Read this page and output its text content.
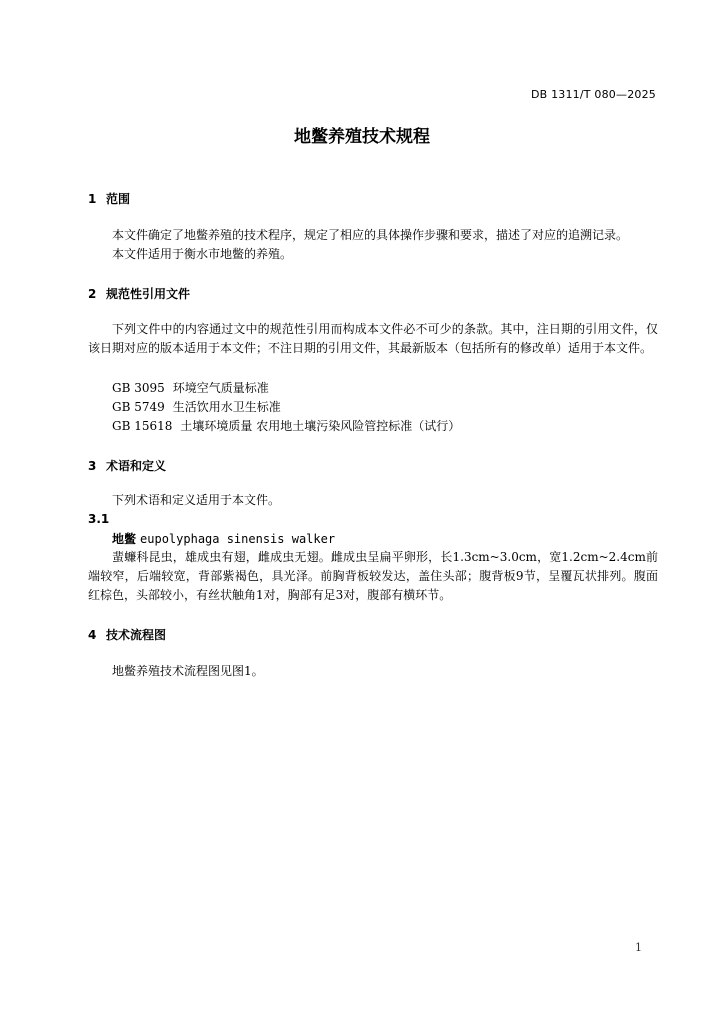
DB 1311/T 080—2025
地鳖养殖技术规程
1 范围
本文件确定了地鳖养殖的技术程序，规定了相应的具体操作步骤和要求，描述了对应的追溯记录。
本文件适用于衡水市地鳖的养殖。
2 规范性引用文件
下列文件中的内容通过文中的规范性引用而构成本文件必不可少的条款。其中，注日期的引用文件，仅该日期对应的版本适用于本文件；不注日期的引用文件，其最新版本（包括所有的修改单）适用于本文件。
GB 3095 环境空气质量标准
GB 5749 生活饮用水卫生标准
GB 15618 土壤环境质量 农用地土壤污染风险管控标准（试行）
3 术语和定义
下列术语和定义适用于本文件。
3.1
地鳖 eupolyphaga sinensis walker
蜚蠊科昆虫，雄成虫有翅，雌成虫无翅。雌成虫呈扁平卵形，长1.3cm~3.0cm，宽1.2cm~2.4cm前端较窄，后端较宽，背部紫褐色，具光泽。前胸背板较发达，盖住头部；腹背板9节，呈覆瓦状排列。腹面红棕色，头部较小，有丝状触角1对，胸部有足3对，腹部有横环节。
4 技术流程图
地鳖养殖技术流程图见图1。
1
